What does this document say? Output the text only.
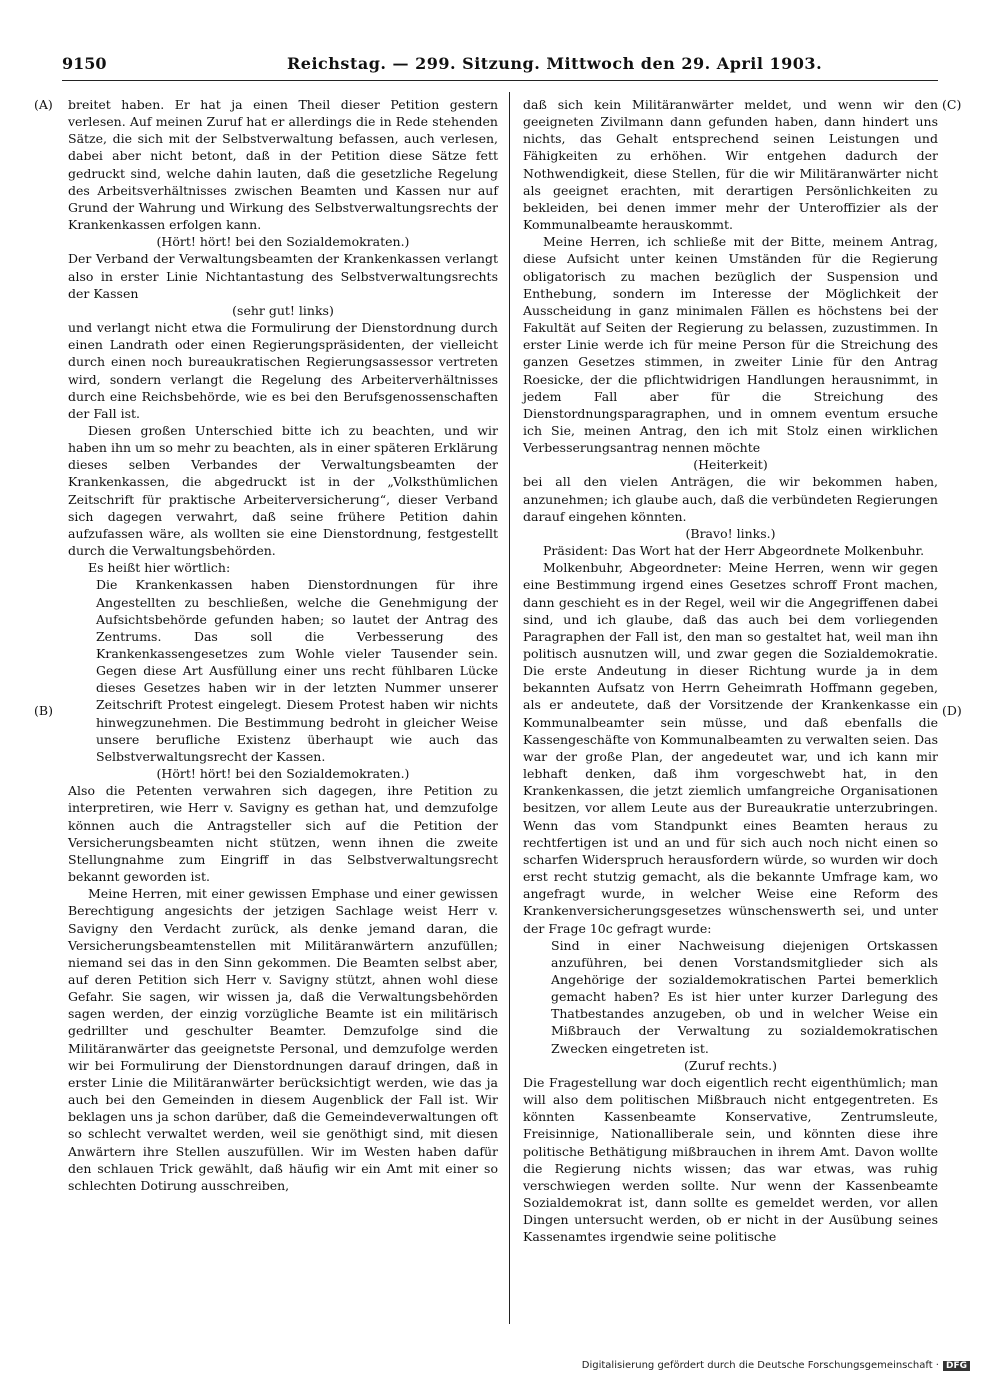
9150	Reichstag. — 299. Sitzung. Mittwoch den 29. April 1903.
(A)
(B)
(C)
(D)

breitet haben. Er hat ja einen Theil dieser Petition gestern verlesen. Auf meinen Zuruf hat er allerdings die in Rede stehenden Sätze, die sich mit der Selbstverwaltung befassen, auch verlesen, dabei aber nicht betont, daß in der Petition diese Sätze fett gedruckt sind, welche dahin lauten, daß die gesetzliche Regelung des Arbeitsverhältnisses zwischen Beamten und Kassen nur auf Grund der Wahrung und Wirkung des Selbstverwaltungsrechts der Krankenkassen erfolgen kann.

(Hört! hört! bei den Sozialdemokraten.)

Der Verband der Verwaltungsbeamten der Krankenkassen verlangt also in erster Linie Nichtantastung des Selbstverwaltungsrechts der Kassen

(sehr gut! links)

und verlangt nicht etwa die Formulirung der Dienstordnung durch einen Landrath oder einen Regierungspräsidenten, der vielleicht durch einen noch bureaukratischen Regierungsassessor vertreten wird, sondern verlangt die Regelung des Arbeiterverhältnisses durch eine Reichsbehörde, wie es bei den Berufsgenossenschaften der Fall ist.

Diesen großen Unterschied bitte ich zu beachten, und wir haben ihn um so mehr zu beachten, als in einer späteren Erklärung dieses selben Verbandes der Verwaltungsbeamten der Krankenkassen, die abgedruckt ist in der „Volksthümlichen Zeitschrift für praktische Arbeiterversicherung“, dieser Verband sich dagegen verwahrt, daß seine frühere Petition dahin aufzufassen wäre, als wollten sie eine Dienstordnung, festgestellt durch die Verwaltungsbehörden.

Es heißt hier wörtlich:

Die Krankenkassen haben Dienstordnungen für ihre Angestellten zu beschließen, welche die Genehmigung der Aufsichtsbehörde gefunden haben; so lautet der Antrag des Zentrums. Das soll die Verbesserung des Krankenkassengesetzes zum Wohle vieler Tausender sein. Gegen diese Art Ausfüllung einer uns recht fühlbaren Lücke dieses Gesetzes haben wir in der letzten Nummer unserer Zeitschrift Protest eingelegt. Diesem Protest haben wir nichts hinwegzunehmen. Die Bestimmung bedroht in gleicher Weise unsere berufliche Existenz überhaupt wie auch das Selbstverwaltungsrecht der Kassen.

(Hört! hört! bei den Sozialdemokraten.)

Also die Petenten verwahren sich dagegen, ihre Petition zu interpretiren, wie Herr v. Savigny es gethan hat, und demzufolge können auch die Antragsteller sich auf die Petition der Versicherungsbeamten nicht stützen, wenn ihnen die zweite Stellungnahme zum Eingriff in das Selbstverwaltungsrecht bekannt geworden ist.

Meine Herren, mit einer gewissen Emphase und einer gewissen Berechtigung angesichts der jetzigen Sachlage weist Herr v. Savigny den Verdacht zurück, als denke jemand daran, die Versicherungsbeamtenstellen mit Militäranwärtern anzufüllen; niemand sei das in den Sinn gekommen. Die Beamten selbst aber, auf deren Petition sich Herr v. Savigny stützt, ahnen wohl diese Gefahr. Sie sagen, wir wissen ja, daß die Verwaltungsbehörden sagen werden, der einzig vorzügliche Beamte ist ein militärisch gedrillter und geschulter Beamter. Demzufolge sind die Militäranwärter das geeignetste Personal, und demzufolge werden wir bei Formulirung der Dienstordnungen darauf dringen, daß in erster Linie die Militäranwärter berücksichtigt werden, wie das ja auch bei den Gemeinden in diesem Augenblick der Fall ist. Wir beklagen uns ja schon darüber, daß die Gemeindeverwaltungen oft so schlecht verwaltet werden, weil sie genöthigt sind, mit diesen Anwärtern ihre Stellen auszufüllen. Wir im Westen haben dafür den schlauen Trick gewählt, daß häufig wir ein Amt mit einer so schlechten Dotirung ausschreiben,

daß sich kein Militäranwärter meldet, und wenn wir den geeigneten Zivilmann dann gefunden haben, dann hindert uns nichts, das Gehalt entsprechend seinen Leistungen und Fähigkeiten zu erhöhen. Wir entgehen dadurch der Nothwendigkeit, diese Stellen, für die wir Militäranwärter nicht als geeignet erachten, mit derartigen Persönlichkeiten zu bekleiden, bei denen immer mehr der Unteroffizier als der Kommunalbeamte herauskommt.

Meine Herren, ich schließe mit der Bitte, meinem Antrag, diese Aufsicht unter keinen Umständen für die Regierung obligatorisch zu machen bezüglich der Suspension und Enthebung, sondern im Interesse der Möglichkeit der Ausscheidung in ganz minimalen Fällen es höchstens bei der Fakultät auf Seiten der Regierung zu belassen, zuzustimmen. In erster Linie werde ich für meine Person für die Streichung des ganzen Gesetzes stimmen, in zweiter Linie für den Antrag Roesicke, der die pflichtwidrigen Handlungen herausnimmt, in jedem Fall aber für die Streichung des Dienstordnungsparagraphen, und in omnem eventum ersuche ich Sie, meinen Antrag, den ich mit Stolz einen wirklichen Verbesserungsantrag nennen möchte

(Heiterkeit)

bei all den vielen Anträgen, die wir bekommen haben, anzunehmen; ich glaube auch, daß die verbündeten Regierungen darauf eingehen könnten.

(Bravo! links.)

Präsident: Das Wort hat der Herr Abgeordnete Molkenbuhr.

Molkenbuhr, Abgeordneter: Meine Herren, wenn wir gegen eine Bestimmung irgend eines Gesetzes schroff Front machen, dann geschieht es in der Regel, weil wir die Angegriffenen dabei sind, und ich glaube, daß das auch bei dem vorliegenden Paragraphen der Fall ist, den man so gestaltet hat, weil man ihn politisch ausnutzen will, und zwar gegen die Sozialdemokratie. Die erste Andeutung in dieser Richtung wurde ja in dem bekannten Aufsatz von Herrn Geheimrath Hoffmann gegeben, als er andeutete, daß der Vorsitzende der Krankenkasse ein Kommunalbeamter sein müsse, und daß ebenfalls die Kassengeschäfte von Kommunalbeamten zu verwalten seien. Das war der große Plan, der angedeutet war, und ich kann mir lebhaft denken, daß ihm vorgeschwebt hat, in den Krankenkassen, die jetzt ziemlich umfangreiche Organisationen besitzen, vor allem Leute aus der Bureaukratie unterzubringen. Wenn das vom Standpunkt eines Beamten heraus zu rechtfertigen ist und an und für sich auch noch nicht einen so scharfen Widerspruch herausfordern würde, so wurden wir doch erst recht stutzig gemacht, als die bekannte Umfrage kam, wo angefragt wurde, in welcher Weise eine Reform des Krankenversicherungsgesetzes wünschenswerth sei, und unter der Frage 10c gefragt wurde:

Sind in einer Nachweisung diejenigen Ortskassen anzuführen, bei denen Vorstandsmitglieder sich als Angehörige der sozialdemokratischen Partei bemerklich gemacht haben? Es ist hier unter kurzer Darlegung des Thatbestandes anzugeben, ob und in welcher Weise ein Mißbrauch der Verwaltung zu sozialdemokratischen Zwecken eingetreten ist.

(Zuruf rechts.)

Die Fragestellung war doch eigentlich recht eigenthümlich; man will also dem politischen Mißbrauch nicht entgegentreten. Es könnten Kassenbeamte Konservative, Zentrumsleute, Freisinnige, Nationalliberale sein, und könnten diese ihre politische Bethätigung mißbrauchen in ihrem Amt. Davon wollte die Regierung nichts wissen; das war etwas, was ruhig verschwiegen werden sollte. Nur wenn der Kassenbeamte Sozialdemokrat ist, dann sollte es gemeldet werden, vor allen Dingen untersucht werden, ob er nicht in der Ausübung seines Kassenamtes irgendwie seine politische

Digitalisierung gefördert durch die Deutsche Forschungsgemeinschaft · DFG
